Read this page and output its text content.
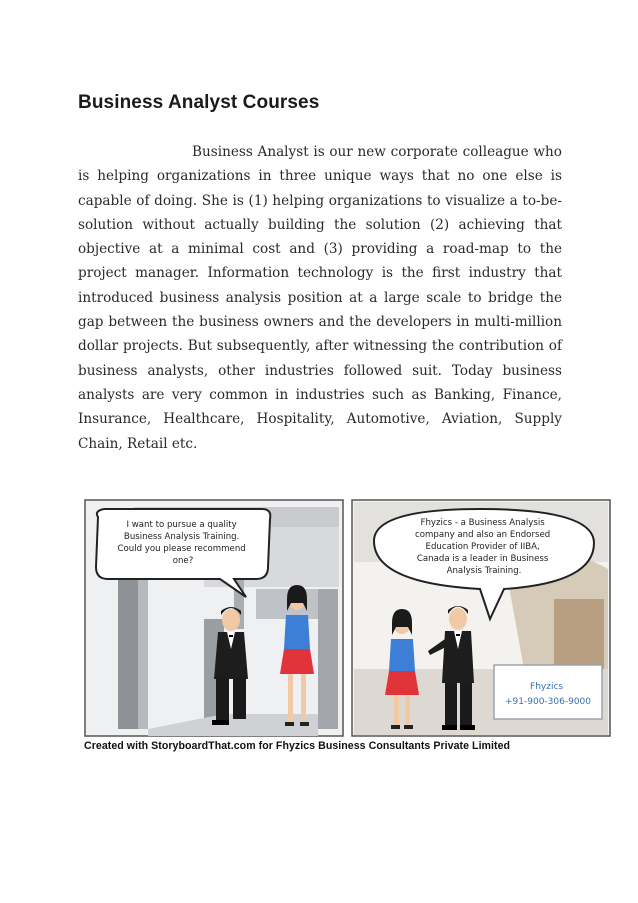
Business Analyst Courses

Business Analyst is our new corporate colleague who is helping organizations in three unique ways that no one else is capable of doing. She is (1) helping organizations to visualize a to-be-solution without actually building the solution (2) achieving that objective at a minimal cost and (3) providing a road-map to the project manager. Information technology is the first industry that introduced business analysis position at a large scale to bridge the gap between the business owners and the developers in multi-million dollar projects. But subsequently, after witnessing the contribution of business analysts, other industries followed suit. Today business analysts are very common in industries such as Banking, Finance, Insurance, Healthcare, Hospitality, Automotive, Aviation, Supply Chain, Retail etc.

I want to pursue a quality Business Analysis Training. Could you please recommend one?
Fhyzics +91-900-306-9000
Fhyzics - a Business Analysis company and also an Endorsed Education Provider of IIBA, Canada is a leader in Business Analysis Training.
Created with StoryboardThat.com for Fhyzics Business Consultants Private Limited
